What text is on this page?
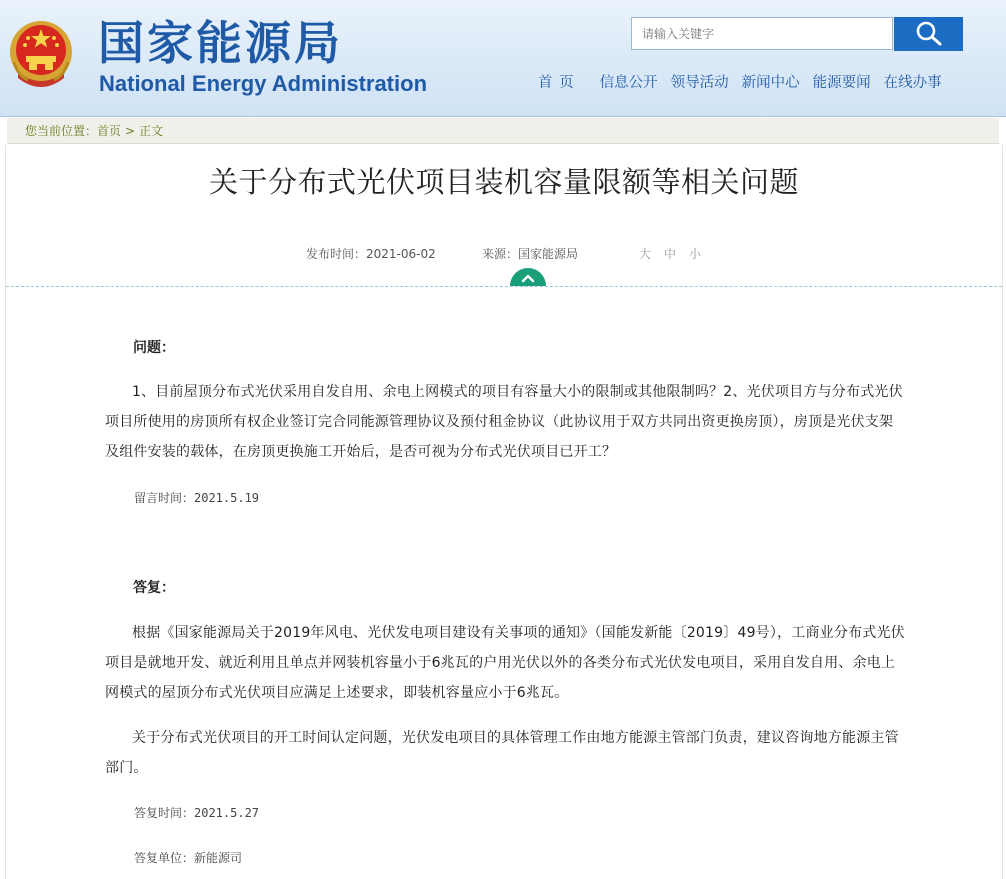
国家能源局
National Energy Administration
请输入关键字	首 页 信息公开 领导活动 新闻中心 能源要闻 在线办事
您当前位置：首页 > 正文
关于分布式光伏项目装机容量限额等相关问题
发布时间：2021-06-02	来源：国家能源局	大 中 小
问题：
1、目前屋顶分布式光伏采用自发自用、余电上网模式的项目有容量大小的限制或其他限制吗？2、光伏项目方与分布式光伏项目所使用的房顶所有权企业签订完合同能源管理协议及预付租金协议（此协议用于双方共同出资更换房顶），房顶是光伏支架及组件安装的载体，在房顶更换施工开始后，是否可视为分布式光伏项目已开工？
留言时间：2021.5.19
答复：
根据《国家能源局关于2019年风电、光伏发电项目建设有关事项的通知》（国能发新能〔2019〕49号），工商业分布式光伏项目是就地开发、就近利用且单点并网装机容量小于6兆瓦的户用光伏以外的各类分布式光伏发电项目，采用自发自用、余电上网模式的屋顶分布式光伏项目应满足上述要求，即装机容量应小于6兆瓦。
关于分布式光伏项目的开工时间认定问题，光伏发电项目的具体管理工作由地方能源主管部门负责，建议咨询地方能源主管部门。
答复时间：2021.5.27
答复单位：新能源司
